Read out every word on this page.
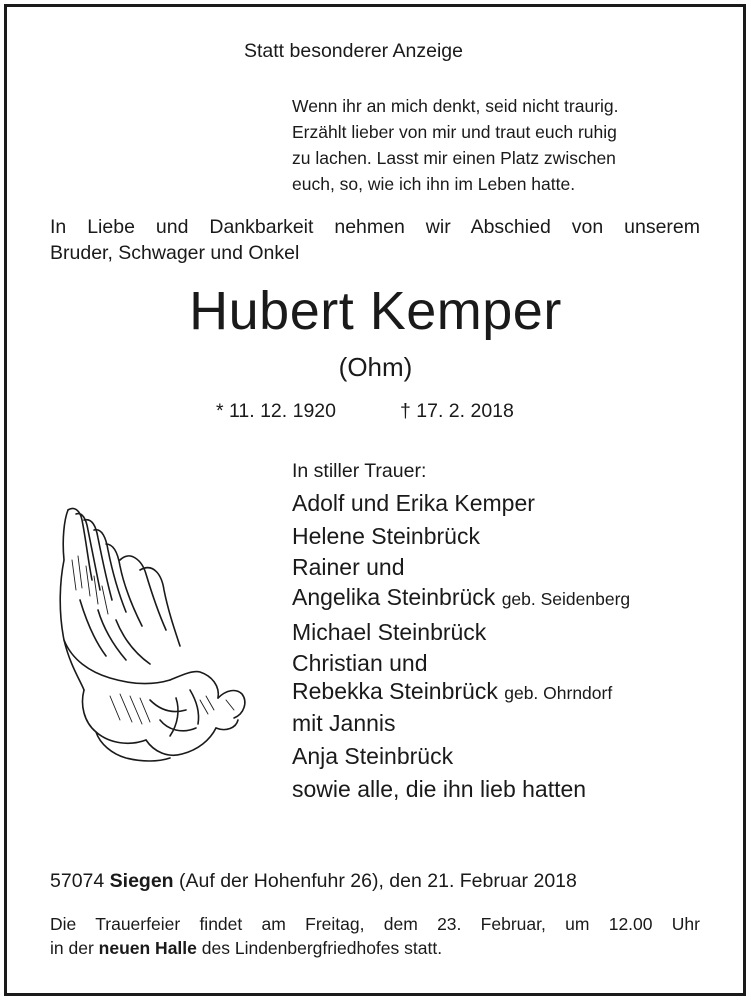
Statt besonderer Anzeige
Wenn ihr an mich denkt, seid nicht traurig.
Erzählt lieber von mir und traut euch ruhig
zu lachen. Lasst mir einen Platz zwischen
euch, so, wie ich ihn im Leben hatte.
In Liebe und Dankbarkeit nehmen wir Abschied von unserem
Bruder, Schwager und Onkel
Hubert Kemper
(Ohm)
* 11. 12. 1920	† 17. 2. 2018
In stiller Trauer:
Adolf und Erika Kemper
Helene Steinbrück
Rainer und
Angelika Steinbrück geb. Seidenberg
Michael Steinbrück
Christian und
Rebekka Steinbrück geb. Ohrndorf
mit Jannis
Anja Steinbrück
sowie alle, die ihn lieb hatten
57074 Siegen (Auf der Hohenfuhr 26), den 21. Februar 2018
Die Trauerfeier findet am Freitag, dem 23. Februar, um 12.00 Uhr
in der neuen Halle des Lindenbergfriedhofes statt.
